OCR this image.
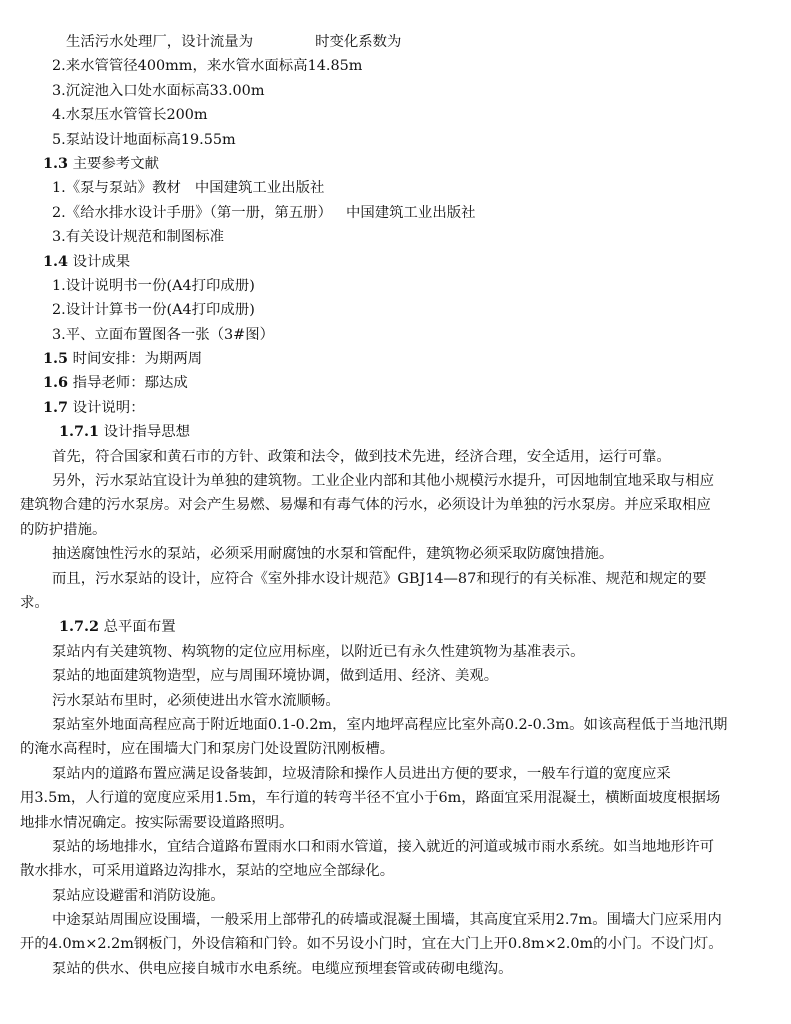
生活污水处理厂，设计流量为	时变化系数为
2.来水管管径400mm，来水管水面标高14.85m
3.沉淀池入口处水面标高33.00m
4.水泵压水管管长200m
5.泵站设计地面标高19.55m
1.3 主要参考文献
1.《泵与泵站》教材 中国建筑工业出版社
2.《给水排水设计手册》（第一册，第五册） 中国建筑工业出版社
3.有关设计规范和制图标准
1.4 设计成果
1.设计说明书一份(A4打印成册)
2.设计计算书一份(A4打印成册)
3.平、立面布置图各一张（3#图）
1.5 时间安排：为期两周
1.6 指导老师：鄢达成
1.7 设计说明：
1.7.1 设计指导思想
首先，符合国家和黄石市的方针、政策和法令，做到技术先进，经济合理，安全适用，运行可靠。
另外，污水泵站宜设计为单独的建筑物。工业企业内部和其他小规模污水提升，可因地制宜地采取与相应
建筑物合建的污水泵房。对会产生易燃、易爆和有毒气体的污水，必须设计为单独的污水泵房。并应采取相应
的防护措施。
抽送腐蚀性污水的泵站，必须采用耐腐蚀的水泵和管配件，建筑物必须采取防腐蚀措施。
而且，污水泵站的设计，应符合《室外排水设计规范》GBJ14—87和现行的有关标准、规范和规定的要
求。
1.7.2 总平面布置
泵站内有关建筑物、构筑物的定位应用标座，以附近已有永久性建筑物为基准表示。
泵站的地面建筑物造型，应与周围环境协调，做到适用、经济、美观。
污水泵站布里时，必须使进出水管水流顺畅。
泵站室外地面高程应高于附近地面0.1-0.2m，室内地坪高程应比室外高0.2-0.3m。如该高程低于当地汛期
的淹水高程时，应在围墙大门和泵房门处设置防汛刚板槽。
泵站内的道路布置应满足设备装卸，垃圾清除和操作人员进出方便的要求，一般车行道的宽度应采
用3.5m，人行道的宽度应采用1.5m，车行道的转弯半径不宜小于6m，路面宜采用混凝土，横断面坡度根据场
地排水情况确定。按实际需要设道路照明。
泵站的场地排水，宜结合道路布置雨水口和雨水管道，接入就近的河道或城市雨水系统。如当地地形许可
散水排水，可采用道路边沟排水，泵站的空地应全部绿化。
泵站应设避雷和消防设施。
中途泵站周围应设围墙，一般采用上部带孔的砖墙或混凝土围墙，其高度宜采用2.7m。围墙大门应采用内
开的4.0m×2.2m钢板门，外设信箱和门铃。如不另设小门时，宜在大门上开0.8m×2.0m的小门。不设门灯。
泵站的供水、供电应接自城市水电系统。电缆应预埋套管或砖砌电缆沟。
